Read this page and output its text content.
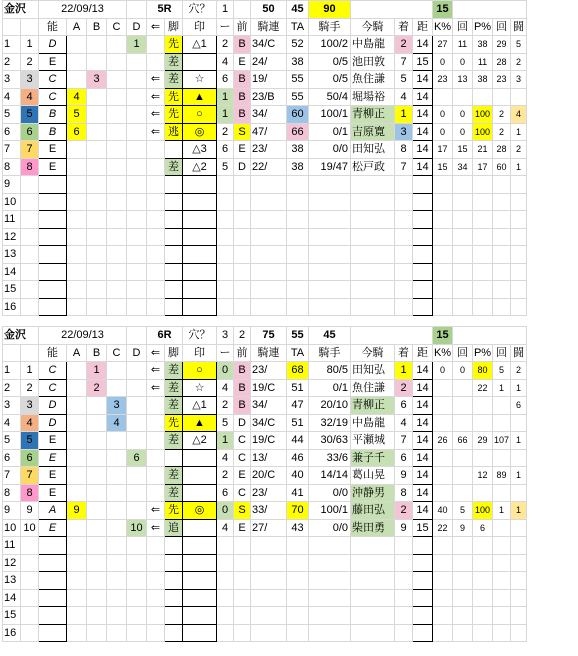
金沢		22/09/13					5R		穴？	1		50	45	90				15				
		能	A	B	C	D	⇐	脚	印	ー	前	騎連	TA	騎手	今騎	着	距	K%	回	P%	回	闘
1	1	D				1		先	△1	2	B	34/C	52	100/2	中島龍	2	14	27	11	38	29	5
2	2	E						差		4	E	24/	38	0/5	池田敦	7	15	0	0	11	28	2
3	3	C		3			⇐	差	☆	6	B	19/	55	0/5	魚住謙	5	14	23	13	38	23	3
4	4	C	4				⇐	先	▲	1	B	23/B	55	50/4	堀場裕	4	14					
5	5	B	5				⇐	先	○	1	B	34/	60	100/1	青柳正	1	14	0	0	100	2	4
6	6	B	6				⇐	逃	◎	2	S	47/	66	0/1	吉原寛	3	14	0	0	100	2	1
7	7	E							△3	6	E	23/	38	0/0	田知弘	8	14	17	15	21	28	2
8	8	E						差	△2	5	D	22/	38	19/47	松戸政	7	14	15	34	17	60	1
9																						
10																						
11																						
12																						
13																						
14																						
15																						
16																						
金沢		22/09/13					6R		穴？	3	2	75	55	45				15				
		能	A	B	C	D	⇐	脚	印	ー	前	騎連	TA	騎手	今騎	着	距	K%	回	P%	回	闘
1	1	C		1			⇐	差	○	0	B	23/	68	80/5	田知弘	1	14	0	0	80	5	2
2	2	C		2			⇐	差	☆	4	B	19/C	51	0/1	魚住謙	2	14			22	1	1
3	3	D			3			差	△1	2	B	34/	47	20/10	青柳正	6	14					6
4	4	D			4			先	▲	5	D	34/C	51	32/19	中島龍	4	14					
5	5	E						差	△2	1	C	19/C	44	30/63	平瀬城	7	14	26	66	29	107	1
6	6	E				6				4	C	13/	46	33/6	兼子千	6	14					
7	7	E						差		2	E	20/C	40	14/14	葛山晃	9	14			12	89	1
8	8	E						差		6	C	23/	41	0/0	沖静男	8	14					
9	9	A	9				⇐	先	◎	0	S	33/	70	100/1	藤田弘	2	14	40	5	100	1	1
10	10	E				10	⇐	追		4	E	27/	43	0/0	柴田勇	9	15	22	9	6		
11																						
12																						
13																						
14																						
15																						
16																						
